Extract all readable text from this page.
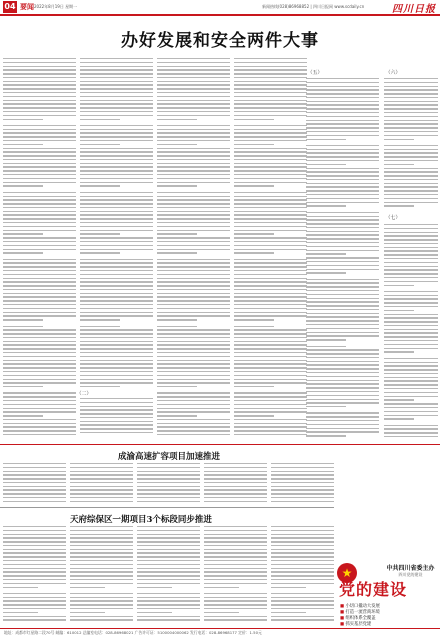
04 要闻 2022年8月19日 星期一	新闻热线(028)86968852 | 四川日报网 www.scdaily.cn	四川日报
办好发展和安全两件大事
（二）
（五）	（六）
（七）
成渝高速扩容项目加速推进
天府综保区一期项目3个标段同步推进
★
党的建设
中共四川省委主办
四川党的建设
■ 小切口撬动大发展
■ 打造一流营商环境
■ 组织体系全覆盖
■ 抓实基层党建
地址：成都市红星路二段70号 邮编：610012 总编室电话：028-86968021 广告许可证：5100004000062 发行电话：028-86968177 定价：1.50元
